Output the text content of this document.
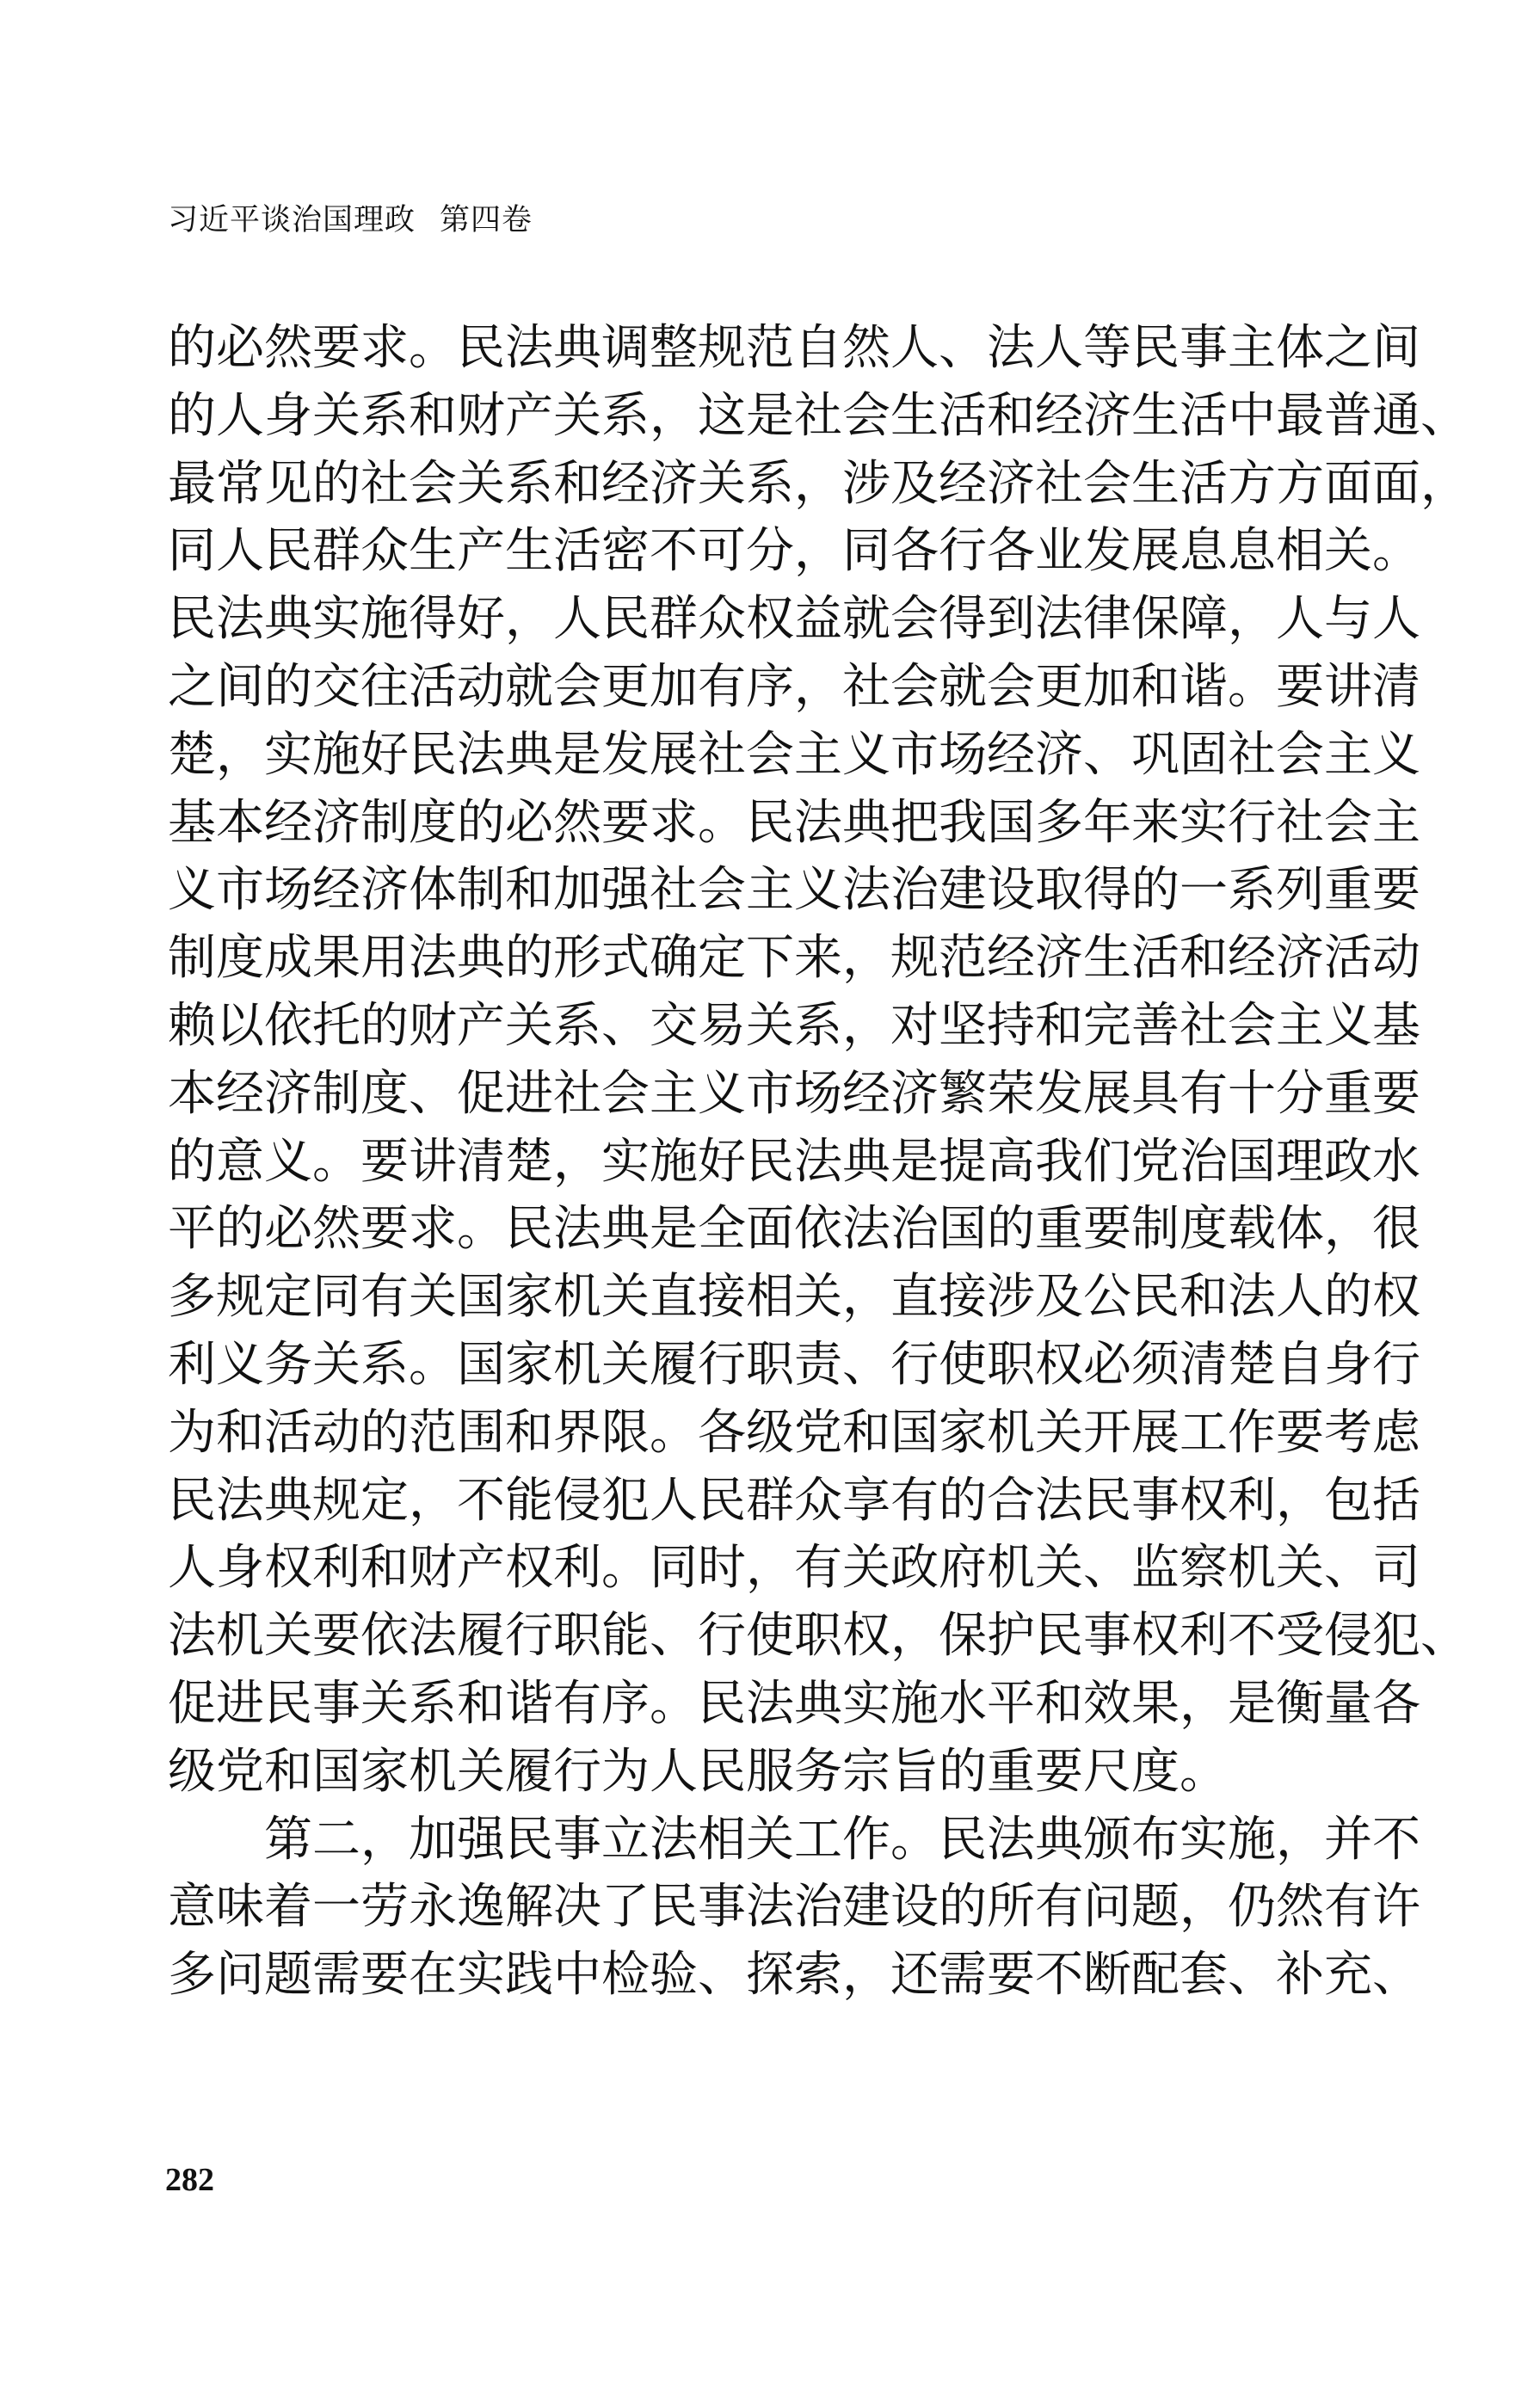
习近平谈治国理政 第四卷
的必然要求。民法典调整规范自然人、法人等民事主体之间
的人身关系和财产关系，这是社会生活和经济生活中最普通、
最常见的社会关系和经济关系，涉及经济社会生活方方面面，
同人民群众生产生活密不可分，同各行各业发展息息相关。
民法典实施得好，人民群众权益就会得到法律保障，人与人
之间的交往活动就会更加有序，社会就会更加和谐。要讲清
楚，实施好民法典是发展社会主义市场经济、巩固社会主义
基本经济制度的必然要求。民法典把我国多年来实行社会主
义市场经济体制和加强社会主义法治建设取得的一系列重要
制度成果用法典的形式确定下来，规范经济生活和经济活动
赖以依托的财产关系、交易关系，对坚持和完善社会主义基
本经济制度、促进社会主义市场经济繁荣发展具有十分重要
的意义。要讲清楚，实施好民法典是提高我们党治国理政水
平的必然要求。民法典是全面依法治国的重要制度载体，很
多规定同有关国家机关直接相关，直接涉及公民和法人的权
利义务关系。国家机关履行职责、行使职权必须清楚自身行
为和活动的范围和界限。各级党和国家机关开展工作要考虑
民法典规定，不能侵犯人民群众享有的合法民事权利，包括
人身权利和财产权利。同时，有关政府机关、监察机关、司
法机关要依法履行职能、行使职权，保护民事权利不受侵犯、
促进民事关系和谐有序。民法典实施水平和效果，是衡量各
级党和国家机关履行为人民服务宗旨的重要尺度。
第二，加强民事立法相关工作。民法典颁布实施，并不
意味着一劳永逸解决了民事法治建设的所有问题，仍然有许
多问题需要在实践中检验、探索，还需要不断配套、补充、
282
